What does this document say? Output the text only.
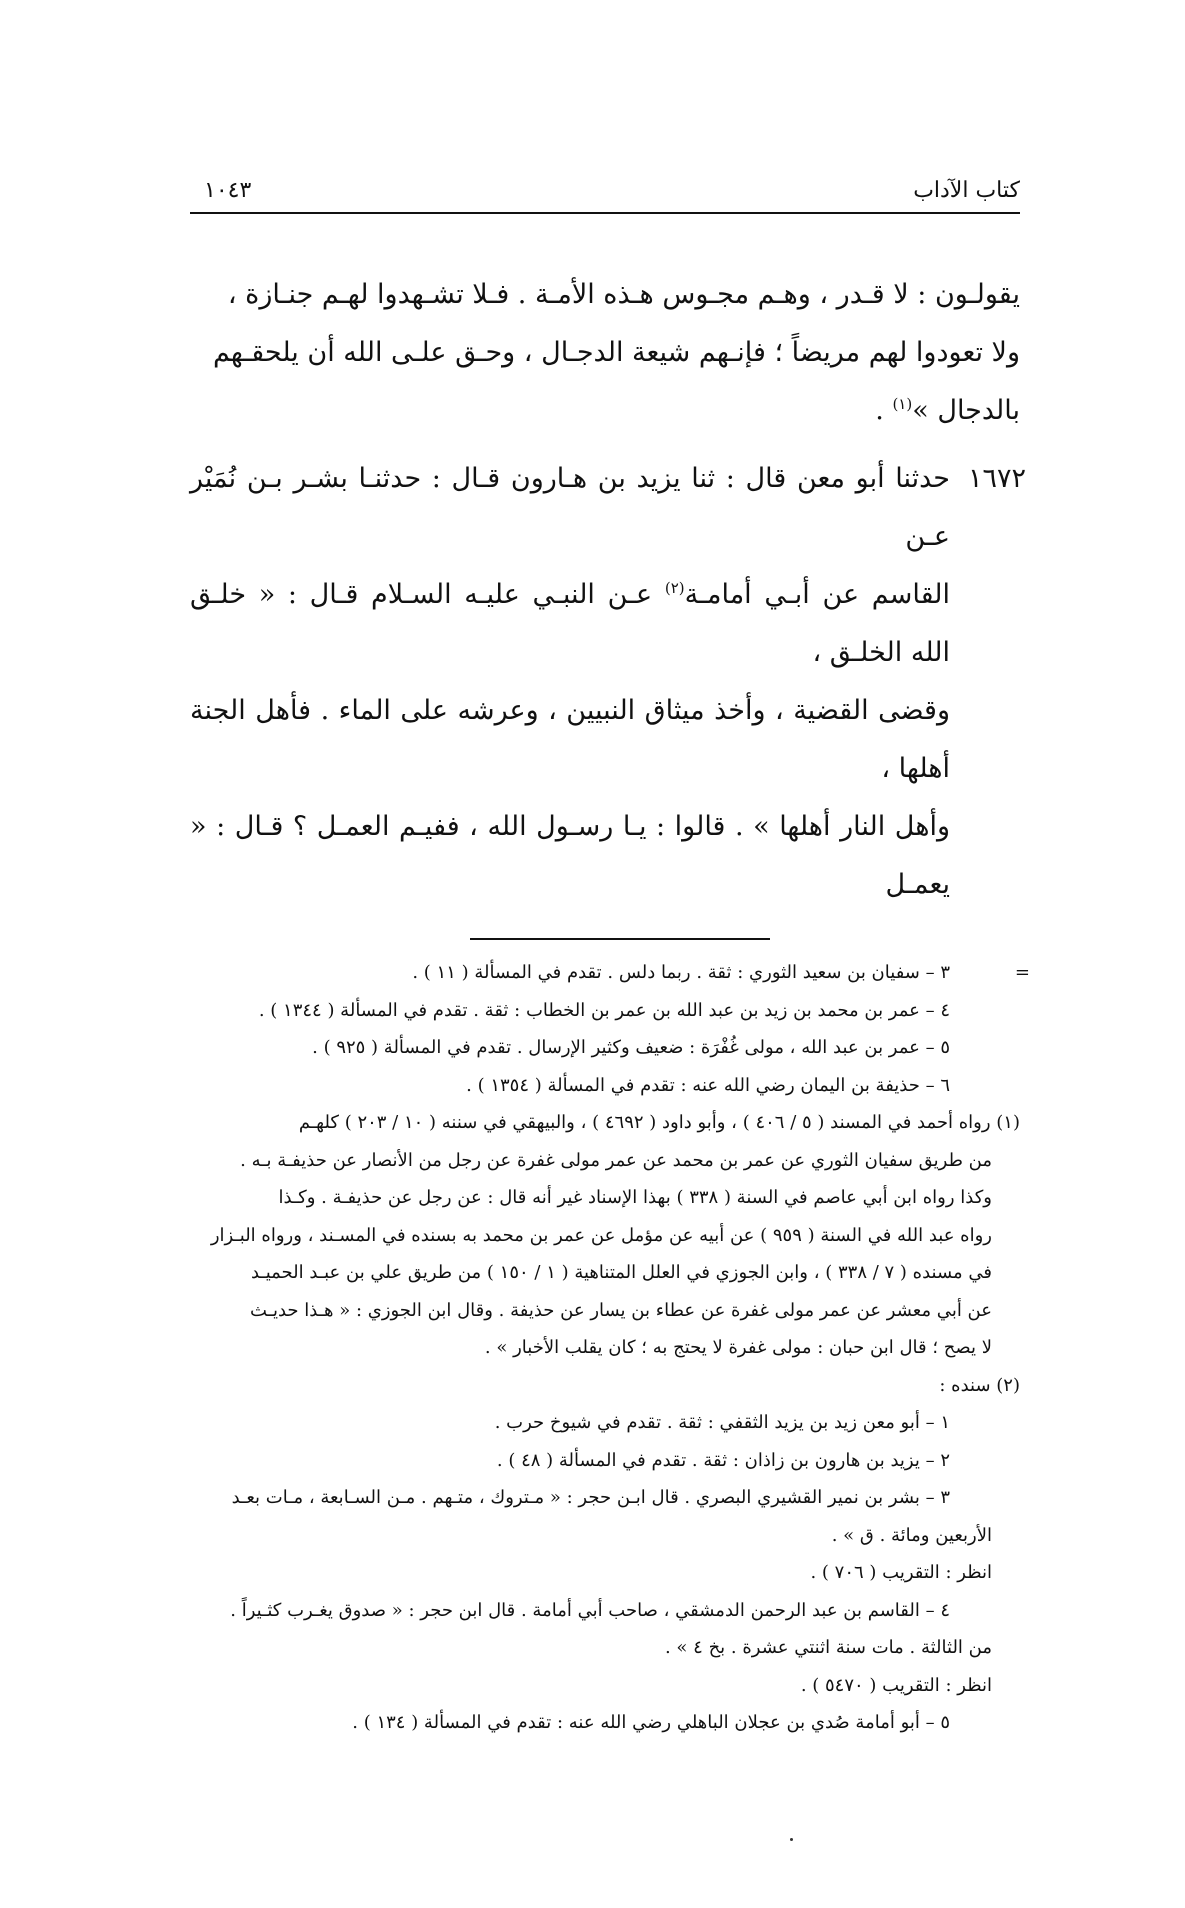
كتاب الآداب
١٠٤٣

يقولـون : لا قـدر ، وهـم مجـوس هـذه الأمـة . فـلا تشـهدوا لهـم جنـازة ،

ولا تعودوا لهم مريضاً ؛ فإنـهم شيعة الدجـال ، وحـق علـى الله أن يلحقـهم

بالدجال »$^{(١)}$ .

١٦٧٢

حدثنا أبو معن قال : ثنا يزيد بن هـارون قـال : حدثنـا بشـر بـن نُمَيْر عـن

القاسم عن أبـي أمامـة$^{(٢)}$ عـن النبـي عليـه السـلام قـال : « خلـق الله الخلـق ،

وقضى القضية ، وأخذ ميثاق النبيين ، وعرشه على الماء . فأهل الجنة أهلها ،

وأهل النار أهلها » . قالوا : يـا رسـول الله ، ففيـم العمـل ؟ قـال : « يعمـل

=

٣ – سفيان بن سعيد الثوري : ثقة . ربما دلس . تقدم في المسألة ( ١١ ) .

٤ – عمر بن محمد بن زيد بن عبد الله بن عمر بن الخطاب : ثقة . تقدم في المسألة ( ١٣٤٤ ) .

٥ – عمر بن عبد الله ، مولى غُفْرَة : ضعيف وكثير الإرسال . تقدم في المسألة ( ٩٢٥ ) .

٦ – حذيفة بن اليمان رضي الله عنه : تقدم في المسألة ( ١٣٥٤ ) .

(١) رواه أحمد في المسند ( ٥ / ٤٠٦ ) ، وأبو داود ( ٤٦٩٢ ) ، والبيهقي في سننه ( ١٠ / ٢٠٣ ) كلهـم

من طريق سفيان الثوري عن عمر بن محمد عن عمر مولى غفرة عن رجل من الأنصار عن حذيفـة بـه .

وكذا رواه ابن أبي عاصم في السنة ( ٣٣٨ ) بهذا الإسناد غير أنه قال : عن رجل عن حذيفـة . وكـذا

رواه عبد الله في السنة ( ٩٥٩ ) عن أبيه عن مؤمل عن عمر بن محمد به بسنده في المسـند ، ورواه البـزار

في مسنده ( ٧ / ٣٣٨ ) ، وابن الجوزي في العلل المتناهية ( ١ / ١٥٠ ) من طريق علي بن عبـد الحميـد

عن أبي معشر عن عمر مولى غفرة عن عطاء بن يسار عن حذيفة . وقال ابن الجوزي : « هـذا حديـث

لا يصح ؛ قال ابن حبان : مولى غفرة لا يحتج به ؛ كان يقلب الأخبار » .

(٢) سنده :

١ – أبو معن زيد بن يزيد الثقفي : ثقة . تقدم في شيوخ حرب .

٢ – يزيد بن هارون بن زاذان : ثقة . تقدم في المسألة ( ٤٨ ) .

٣ – بشر بن نمير القشيري البصري . قال ابـن حجر : « مـتروك ، متـهم . مـن السـابعة ، مـات بعـد

الأربعين ومائة . ق » .

انظر : التقريب ( ٧٠٦ ) .

٤ – القاسم بن عبد الرحمن الدمشقي ، صاحب أبي أمامة . قال ابن حجر : « صدوق يغـرب كثـيراً .

من الثالثة . مات سنة اثنتي عشرة . بخ ٤ » .

انظر : التقريب ( ٥٤٧٠ ) .

٥ – أبو أمامة صُدي بن عجلان الباهلي رضي الله عنه : تقدم في المسألة ( ١٣٤ ) .
